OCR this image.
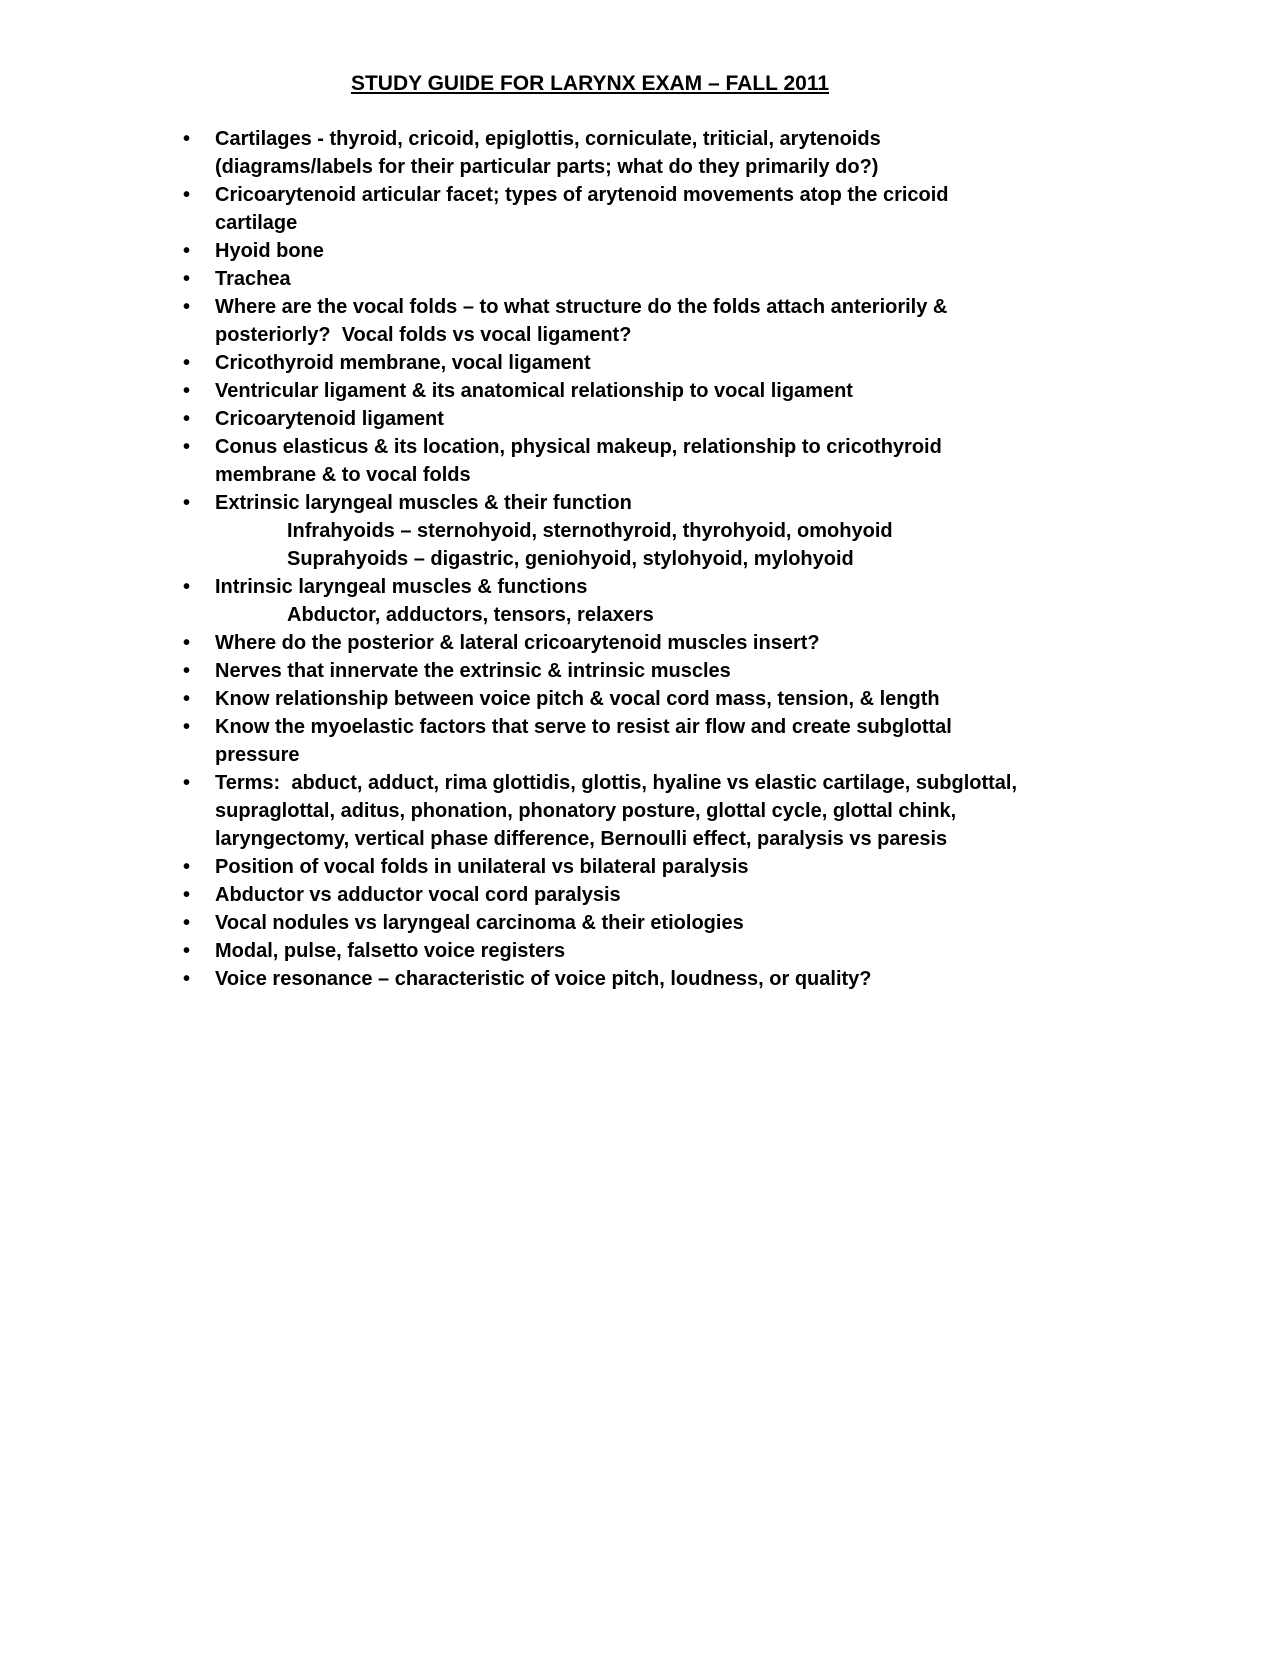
STUDY GUIDE FOR LARYNX EXAM – FALL 2011
• Cartilages - thyroid, cricoid, epiglottis, corniculate, triticial, arytenoids (diagrams/labels for their particular parts; what do they primarily do?)
• Cricoarytenoid articular facet; types of arytenoid movements atop the cricoid cartilage
• Hyoid bone
• Trachea
• Where are the vocal folds – to what structure do the folds attach anteriorily & posteriorly?  Vocal folds vs vocal ligament?
• Cricothyroid membrane, vocal ligament
• Ventricular ligament & its anatomical relationship to vocal ligament
• Cricoarytenoid ligament
• Conus elasticus & its location, physical makeup, relationship to cricothyroid membrane & to vocal folds
• Extrinsic laryngeal muscles & their function
Infrahyoids – sternohyoid, sternothyroid, thyrohyoid, omohyoid
Suprahyoids – digastric, geniohyoid, stylohyoid, mylohyoid
• Intrinsic laryngeal muscles & functions
Abductor, adductors, tensors, relaxers
• Where do the posterior & lateral cricoarytenoid muscles insert?
• Nerves that innervate the extrinsic & intrinsic muscles
• Know relationship between voice pitch & vocal cord mass, tension, & length
• Know the myoelastic factors that serve to resist air flow and create subglottal pressure
• Terms:  abduct, adduct, rima glottidis, glottis, hyaline vs elastic cartilage, subglottal, supraglottal, aditus, phonation, phonatory posture, glottal cycle, glottal chink, laryngectomy, vertical phase difference, Bernoulli effect, paralysis vs paresis
• Position of vocal folds in unilateral vs bilateral paralysis
• Abductor vs adductor vocal cord paralysis
• Vocal nodules vs laryngeal carcinoma & their etiologies
• Modal, pulse, falsetto voice registers
• Voice resonance – characteristic of voice pitch, loudness, or quality?
